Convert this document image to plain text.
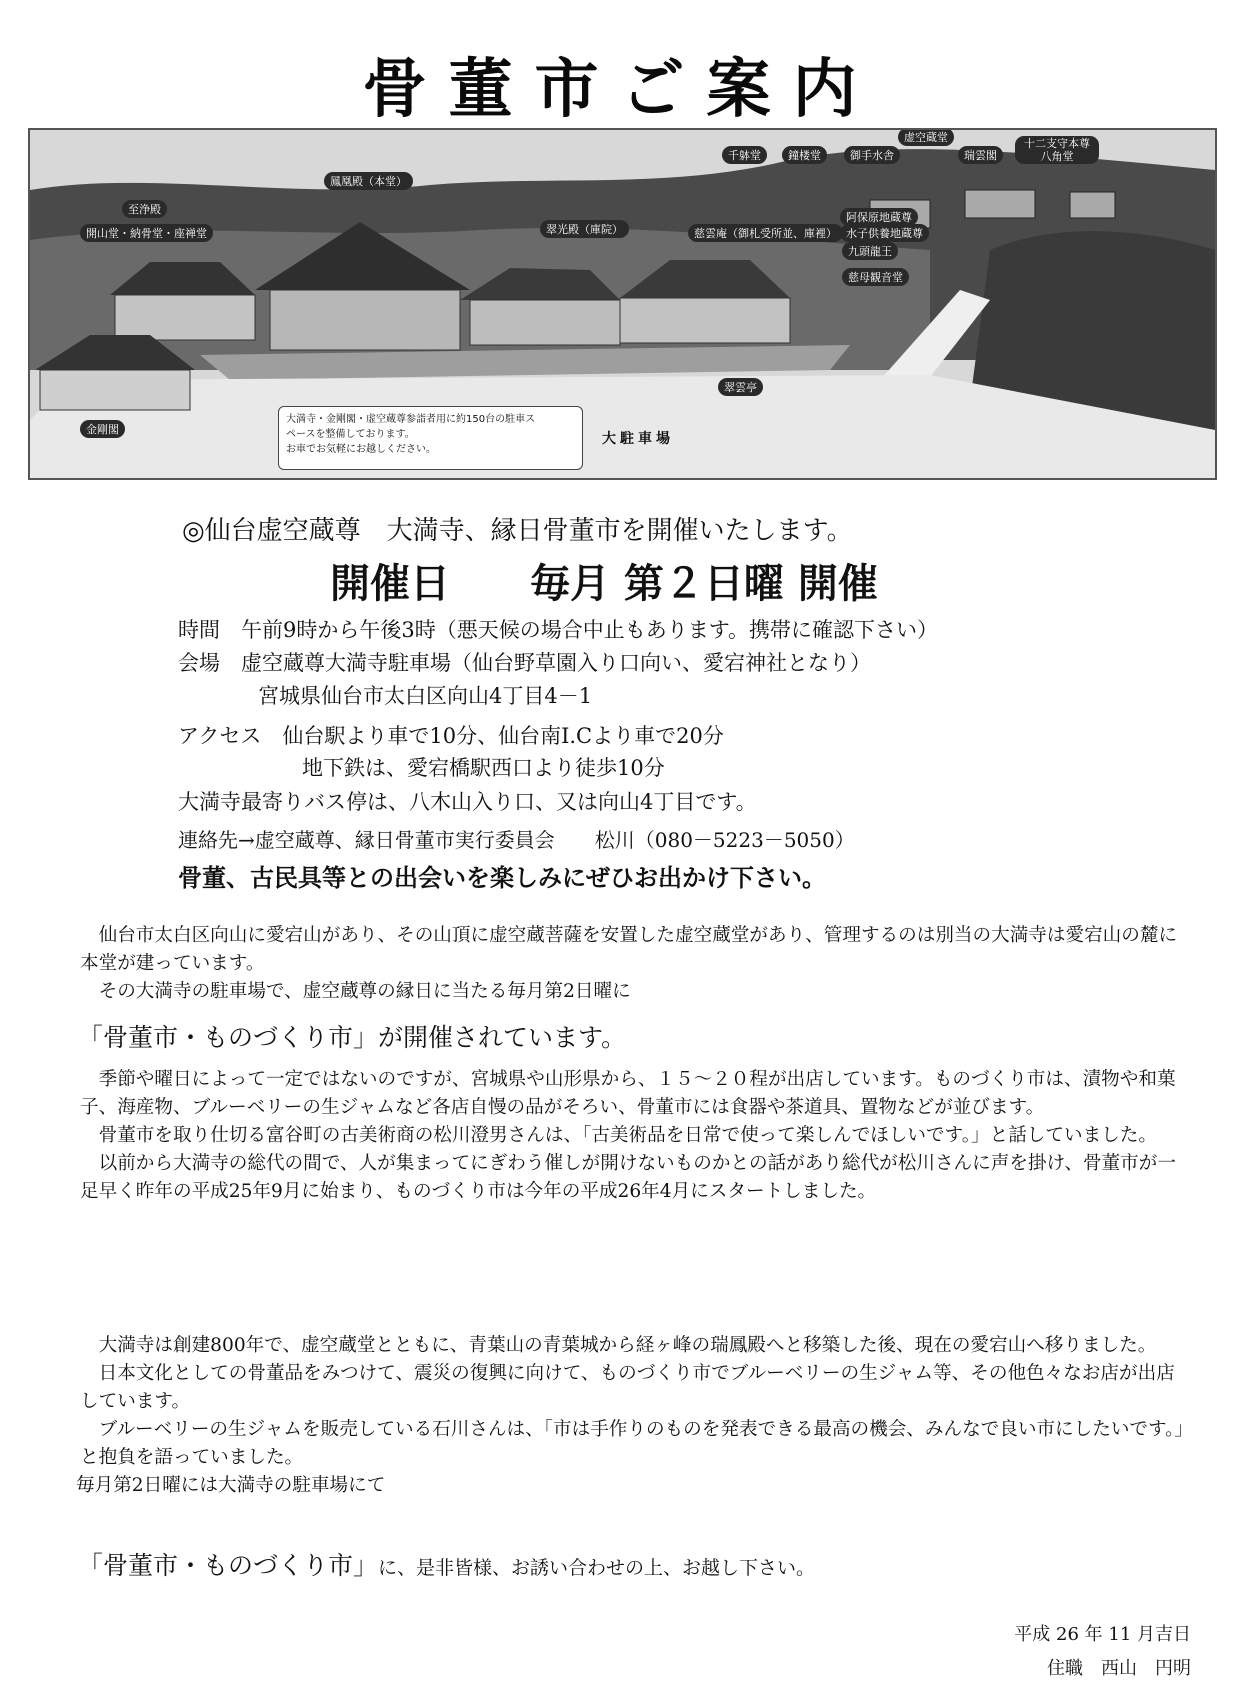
骨董市ご案内
千躰堂	鐘楼堂	御手水舎
虚空蔵堂
瑞雲閣
十二支守本尊 八角堂
鳳凰殿（本堂）
至浄殿
開山堂・納骨堂・座禅堂	翠光殿（庫院）	慈雲庵（御札受所並、庫裡）
阿保原地蔵尊
水子供養地蔵尊
九頭龍王
慈母観音堂
翠雲亭
金剛閣
大満寺・金剛閣・虚空蔵尊参詣者用に約150台の駐車ス
ペースを整備しております。
お車でお気軽にお越しください。
大駐車場
◎仙台虚空蔵尊　大満寺、縁日骨董市を開催いたします。
開催日　　毎月 第２日曜 開催
時間　午前9時から午後3時（悪天候の場合中止もあります。携帯に確認下さい）
会場　虚空蔵尊大満寺駐車場（仙台野草園入り口向い、愛宕神社となり）
宮城県仙台市太白区向山4丁目4－1
アクセス　仙台駅より車で10分、仙台南I.Cより車で20分
地下鉄は、愛宕橋駅西口より徒歩10分
大満寺最寄りバス停は、八木山入り口、又は向山4丁目です。
連絡先→虚空蔵尊、縁日骨董市実行委員会　　松川（080－5223－5050）
骨董、古民具等との出会いを楽しみにぜひお出かけ下さい。

仙台市太白区向山に愛宕山があり、その山頂に虚空蔵菩薩を安置した虚空蔵堂があり、管理するのは別当の大満寺は愛宕山の麓に本堂が建っています。

その大満寺の駐車場で、虚空蔵尊の縁日に当たる毎月第2日曜に

「骨董市・ものづくり市」が開催されています。

季節や曜日によって一定ではないのですが、宮城県や山形県から、１５～２０程が出店しています。ものづくり市は、漬物や和菓子、海産物、ブルーベリーの生ジャムなど各店自慢の品がそろい、骨董市には食器や茶道具、置物などが並びます。

骨董市を取り仕切る富谷町の古美術商の松川澄男さんは、「古美術品を日常で使って楽しんでほしいです。」と話していました。

以前から大満寺の総代の間で、人が集まってにぎわう催しが開けないものかとの話があり総代が松川さんに声を掛け、骨董市が一足早く昨年の平成25年9月に始まり、ものづくり市は今年の平成26年4月にスタートしました。

大満寺は創建800年で、虚空蔵堂とともに、青葉山の青葉城から経ヶ峰の瑞鳳殿へと移築した後、現在の愛宕山へ移りました。

日本文化としての骨董品をみつけて、震災の復興に向けて、ものづくり市でブルーベリーの生ジャム等、その他色々なお店が出店しています。

ブルーベリーの生ジャムを販売している石川さんは、「市は手作りのものを発表できる最高の機会、みんなで良い市にしたいです。」と抱負を語っていました。

毎月第2日曜には大満寺の駐車場にて

「骨董市・ものづくり市」に、是非皆様、お誘い合わせの上、お越し下さい。
平成 26 年 11 月吉日
住職　西山　円明
